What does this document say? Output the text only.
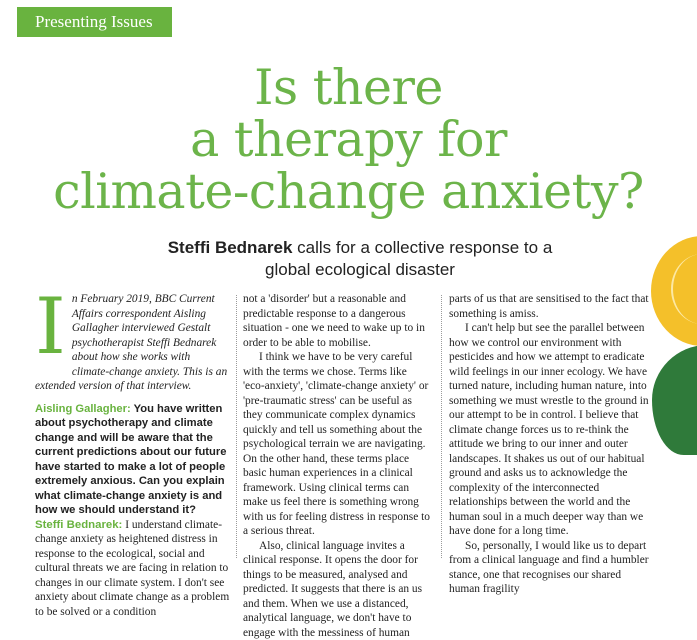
Presenting Issues
Is there
a therapy for
climate-change anxiety?
Steffi Bednarek calls for a collective response to a
global ecological disaster
I n February 2019, BBC Current Affairs correspondent Aisling Gallagher interviewed Gestalt psychotherapist Steffi Bednarek about how she works with climate-change anxiety. This is an extended version of that interview.

Aisling Gallagher: You have written about psychotherapy and climate change and will be aware that the current predictions about our future have started to make a lot of people extremely anxious. Can you explain what climate-change anxiety is and how we should understand it?

Steffi Bednarek: I understand climate-change anxiety as heightened distress in response to the ecological, social and cultural threats we are facing in relation to changes in our climate system. I don't see anxiety about climate change as a problem to be solved or a condition

not a 'disorder' but a reasonable and predictable response to a dangerous situation - one we need to wake up to in order to be able to mobilise.

I think we have to be very careful with the terms we chose. Terms like 'eco-anxiety', 'climate-change anxiety' or 'pre-traumatic stress' can be useful as they communicate complex dynamics quickly and tell us something about the psychological terrain we are navigating. On the other hand, these terms place basic human experiences in a clinical framework. Using clinical terms can make us feel there is something wrong with us for feeling distress in response to a serious threat.

Also, clinical language invites a clinical response. It opens the door for things to be measured, analysed and predicted. It suggests that there is an us and them. When we use a distanced, analytical language, we don't have to engage with the messiness of human

parts of us that are sensitised to the fact that something is amiss.

I can't help but see the parallel between how we control our environment with pesticides and how we attempt to eradicate wild feelings in our inner ecology. We have turned nature, including human nature, into something we must wrestle to the ground in our attempt to be in control. I believe that climate change forces us to re-think the attitude we bring to our inner and outer landscapes. It shakes us out of our habitual ground and asks us to acknowledge the complexity of the interconnected relationships between the world and the human soul in a much deeper way than we have done for a long time.

So, personally, I would like us to depart from a clinical language and find a humbler stance, one that recognises our shared human fragility
